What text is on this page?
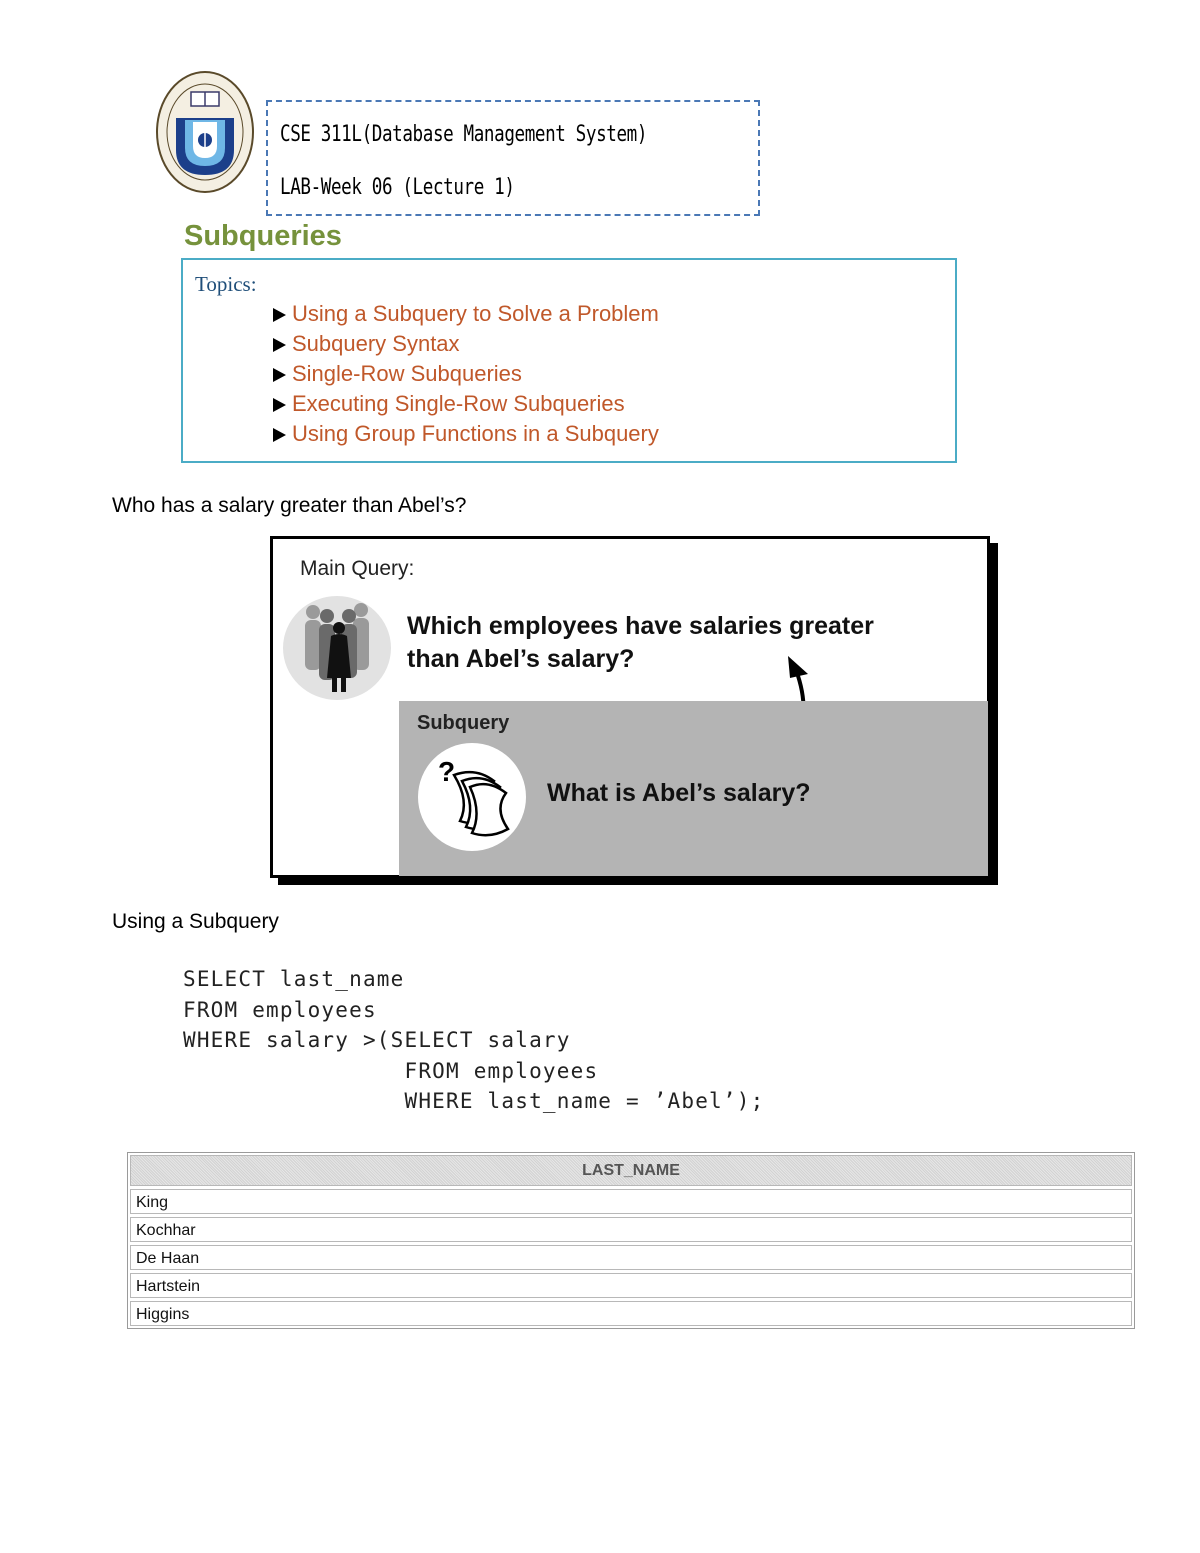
CSE 311L(Database Management System)
LAB-Week 06 (Lecture 1)
Subqueries
Topics:
Using a Subquery to Solve a Problem
Subquery Syntax
Single-Row Subqueries
Executing Single-Row Subqueries
Using Group Functions in a Subquery
Who has a salary greater than Abel’s?
Main Query:
Which employees have salaries greater
than Abel’s salary?
Subquery
?
What is Abel’s salary?
Using a Subquery
SELECT last_name
FROM employees
WHERE salary >(SELECT salary
FROM employees
WHERE last_name = ’Abel’);
LAST_NAME
King
Kochhar
De Haan
Hartstein
Higgins
